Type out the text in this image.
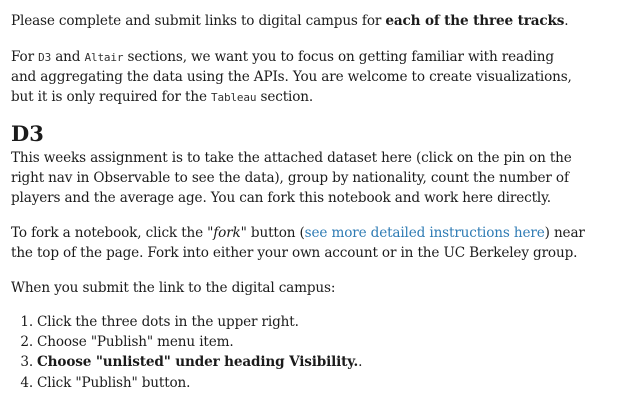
Please complete and submit links to digital campus for each of the three tracks.

For D3 and Altair sections, we want you to focus on getting familiar with reading

and aggregating the data using the APIs. You are welcome to create visualizations,

but it is only required for the Tableau section.

D3

This weeks assignment is to take the attached dataset here (click on the pin on the

right nav in Observable to see the data), group by nationality, count the number of

players and the average age. You can fork this notebook and work here directly.

To fork a notebook, click the "fork" button (see more detailed instructions here) near

the top of the page. Fork into either your own account or in the UC Berkeley group.

When you submit the link to the digital campus:

1. Click the three dots in the upper right.
2. Choose "Publish" menu item.
3. Choose "unlisted" under heading Visibility..
4. Click "Publish" button.
